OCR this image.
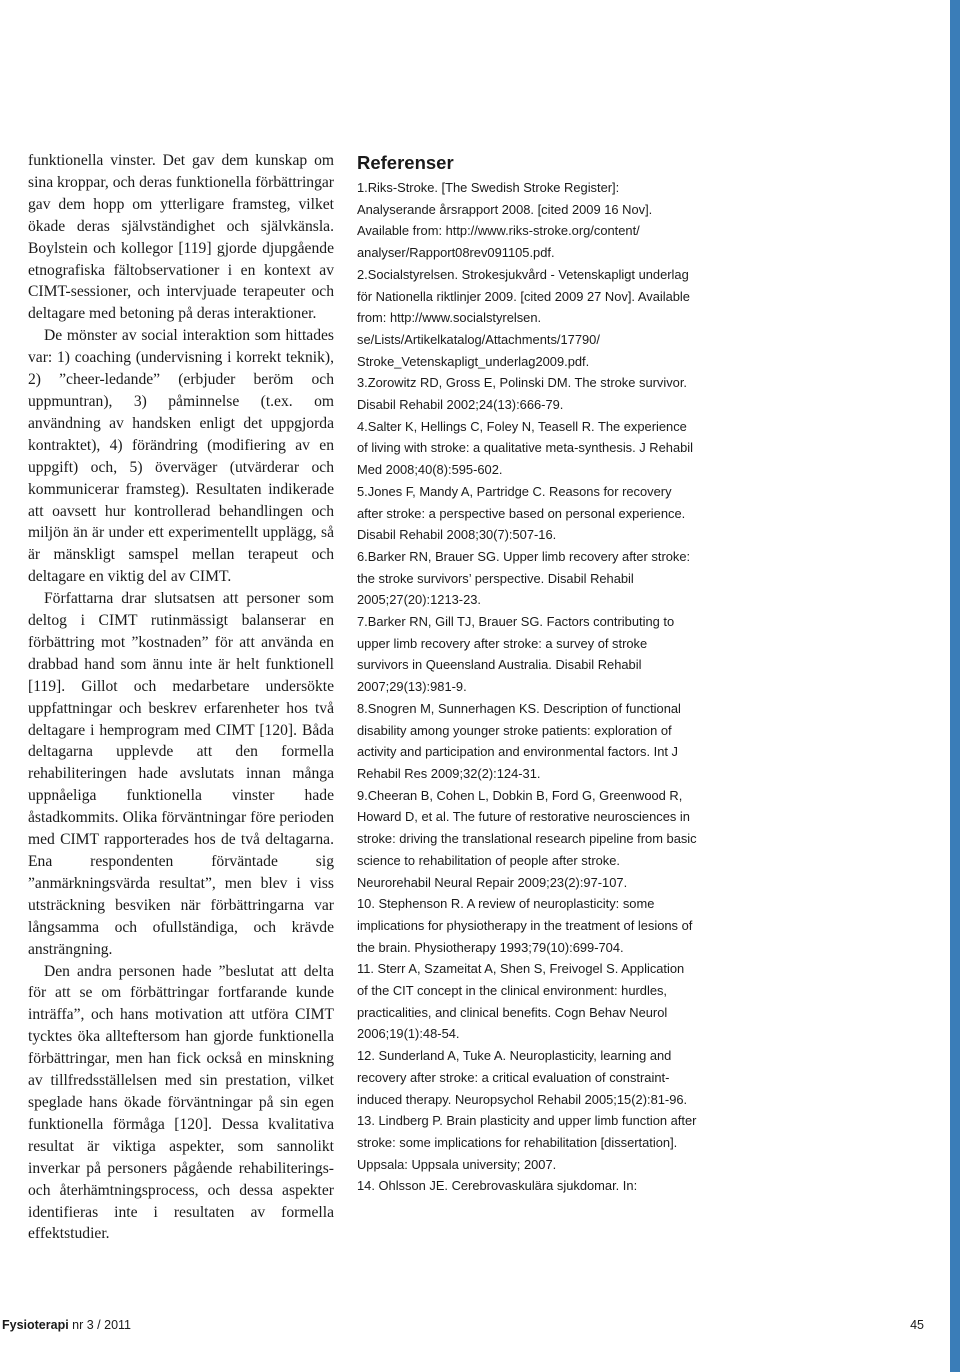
funktionella vinster. Det gav dem kunskap om sina kroppar, och deras funktionella förbättringar gav dem hopp om ytterligare framsteg, vilket ökade deras självständighet och självkänsla. Boylstein och kollegor [119] gjorde djupgående etnografiska fältobservationer i en kontext av CIMT-sessioner, och intervjuade terapeuter och deltagare med betoning på deras interaktioner.

De mönster av social interaktion som hittades var: 1) coaching (undervisning i korrekt teknik), 2) ”cheer-ledande” (erbjuder beröm och uppmuntran), 3) påminnelse (t.ex. om användning av handsken enligt det uppgjorda kontraktet), 4) förändring (modifiering av en uppgift) och, 5) överväger (utvärderar och kommunicerar framsteg). Resultaten indikerade att oavsett hur kontrollerad behandlingen och miljön än är under ett experimentellt upplägg, så är mänskligt samspel mellan terapeut och deltagare en viktig del av CIMT.

Författarna drar slutsatsen att personer som deltog i CIMT rutinmässigt balanserar en förbättring mot ”kostnaden” för att använda en drabbad hand som ännu inte är helt funktionell [119]. Gillot och medarbetare undersökte uppfattningar och beskrev erfarenheter hos två deltagare i hemprogram med CIMT [120]. Båda deltagarna upplevde att den formella rehabiliteringen hade avslutats innan många uppnåeliga funktionella vinster hade åstadkommits. Olika förväntningar före perioden med CIMT rapporterades hos de två deltagarna. Ena respondenten förväntade sig ”anmärkningsvärda resultat”, men blev i viss utsträckning besviken när förbättringarna var långsamma och ofullständiga, och krävde ansträngning.

Den andra personen hade ”beslutat att delta för att se om förbättringar fortfarande kunde inträffa”, och hans motivation att utföra CIMT tycktes öka allteftersom han gjorde funktionella förbättringar, men han fick också en minskning av tillfredsställelsen med sin prestation, vilket speglade hans ökade förväntningar på sin egen funktionella förmåga [120]. Dessa kvalitativa resultat är viktiga aspekter, som sannolikt inverkar på personers pågående rehabiliterings- och återhämtningsprocess, och dessa aspekter identifieras inte i resultaten av formella effektstudier.

Referenser

1.Riks-Stroke. [The Swedish Stroke Register]: Analyserande årsrapport 2008. [cited 2009 16 Nov]. Available from: http://www.riks-stroke.org/content/ analyser/Rapport08rev091105.pdf.

2.Socialstyrelsen. Strokesjukvård - Vetenskapligt underlag för Nationella riktlinjer 2009. [cited 2009 27 Nov]. Available from: http://www.socialstyrelsen. se/Lists/Artikelkatalog/Attachments/17790/ Stroke_Vetenskapligt_underlag2009.pdf.

3.Zorowitz RD, Gross E, Polinski DM. The stroke survivor. Disabil Rehabil 2002;24(13):666-79.

4.Salter K, Hellings C, Foley N, Teasell R. The experience of living with stroke: a qualitative meta-synthesis. J Rehabil Med 2008;40(8):595-602.

5.Jones F, Mandy A, Partridge C. Reasons for recovery after stroke: a perspective based on personal experience. Disabil Rehabil 2008;30(7):507-16.

6.Barker RN, Brauer SG. Upper limb recovery after stroke: the stroke survivors’ perspective. Disabil Rehabil 2005;27(20):1213-23.

7.Barker RN, Gill TJ, Brauer SG. Factors contributing to upper limb recovery after stroke: a survey of stroke survivors in Queensland Australia. Disabil Rehabil 2007;29(13):981-9.

8.Snogren M, Sunnerhagen KS. Description of functional disability among younger stroke patients: exploration of activity and participation and environmental factors. Int J Rehabil Res 2009;32(2):124-31.

9.Cheeran B, Cohen L, Dobkin B, Ford G, Greenwood R, Howard D, et al. The future of restorative neurosciences in stroke: driving the translational research pipeline from basic science to rehabilitation of people after stroke. Neurorehabil Neural Repair 2009;23(2):97-107.

10. Stephenson R. A review of neuroplasticity: some implications for physiotherapy in the treatment of lesions of the brain. Physiotherapy 1993;79(10):699-704.

11. Sterr A, Szameitat A, Shen S, Freivogel S. Application of the CIT concept in the clinical environment: hurdles, practicalities, and clinical benefits. Cogn Behav Neurol 2006;19(1):48-54.

12. Sunderland A, Tuke A. Neuroplasticity, learning and recovery after stroke: a critical evaluation of constraint-induced therapy. Neuropsychol Rehabil 2005;15(2):81-96.

13. Lindberg P. Brain plasticity and upper limb function after stroke: some implications for rehabilitation [dissertation]. Uppsala: Uppsala university; 2007.

14. Ohlsson JE. Cerebrovaskulära sjukdomar. In:

Fysioterapi nr 3 / 2011	45
